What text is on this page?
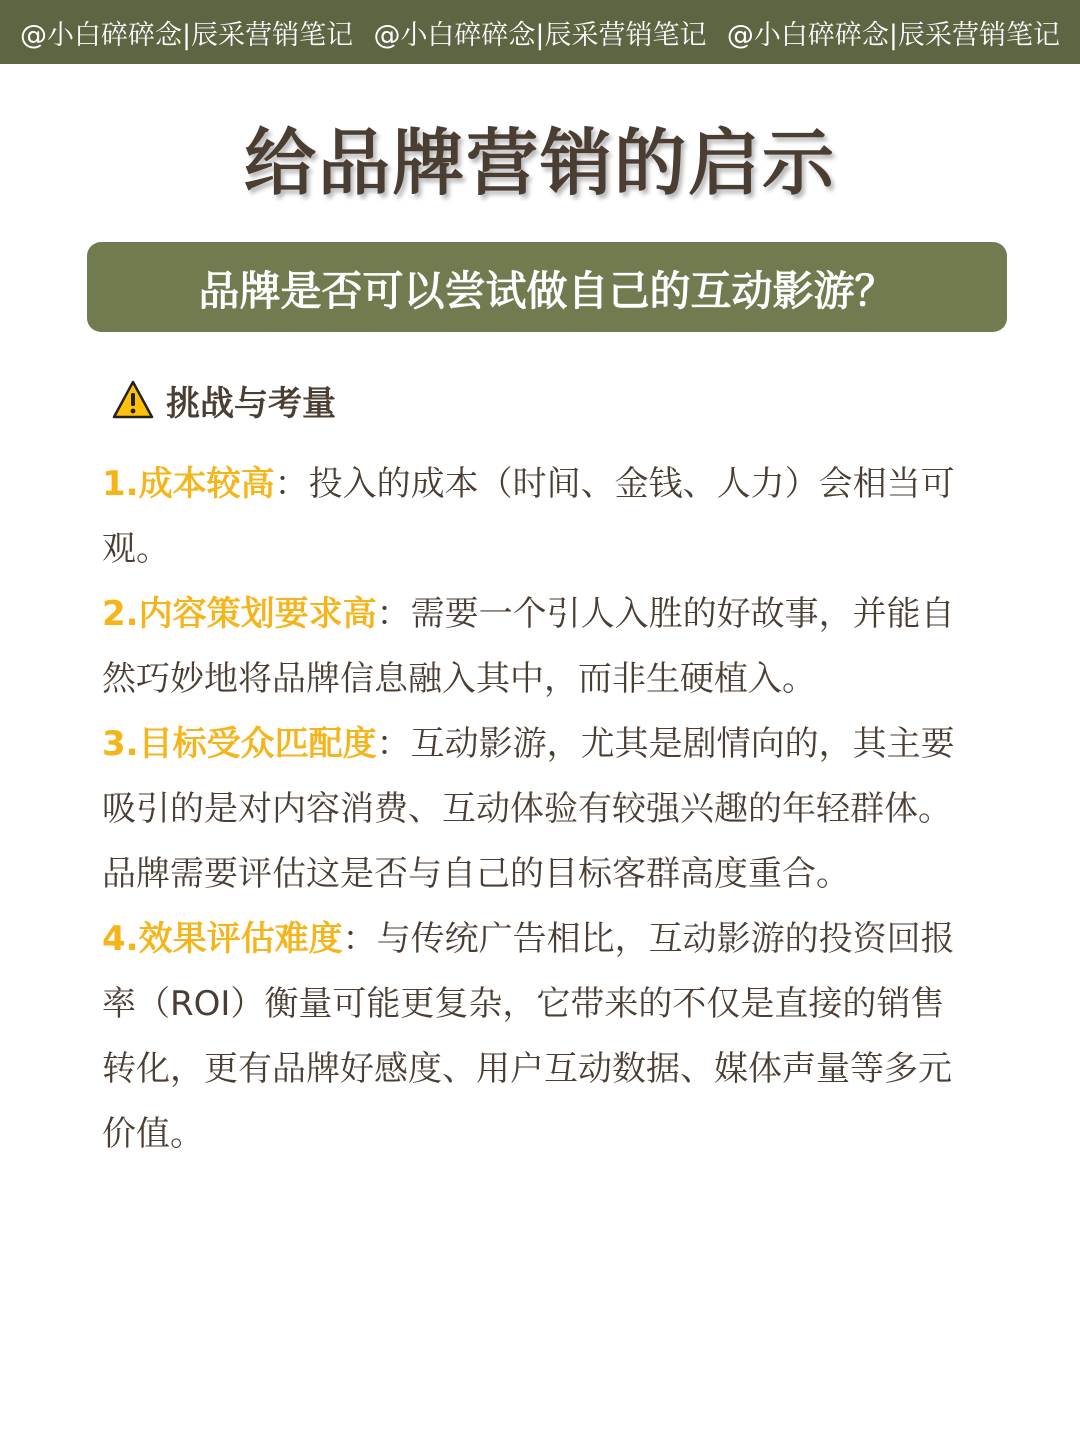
@小白碎碎念|辰采营销笔记 @小白碎碎念|辰采营销笔记 @小白碎碎念|辰采营销笔记
给品牌营销的启示
品牌是否可以尝试做自己的互动影游？
挑战与考量

1.成本较高：投入的成本（时间、金钱、人力）会相当可观。

2.内容策划要求高：需要一个引人入胜的好故事，并能自然巧妙地将品牌信息融入其中，而非生硬植入。

3.目标受众匹配度：互动影游，尤其是剧情向的，其主要吸引的是对内容消费、互动体验有较强兴趣的年轻群体。品牌需要评估这是否与自己的目标客群高度重合。

4.效果评估难度：与传统广告相比，互动影游的投资回报率（ROI）衡量可能更复杂，它带来的不仅是直接的销售转化，更有品牌好感度、用户互动数据、媒体声量等多元价值。
